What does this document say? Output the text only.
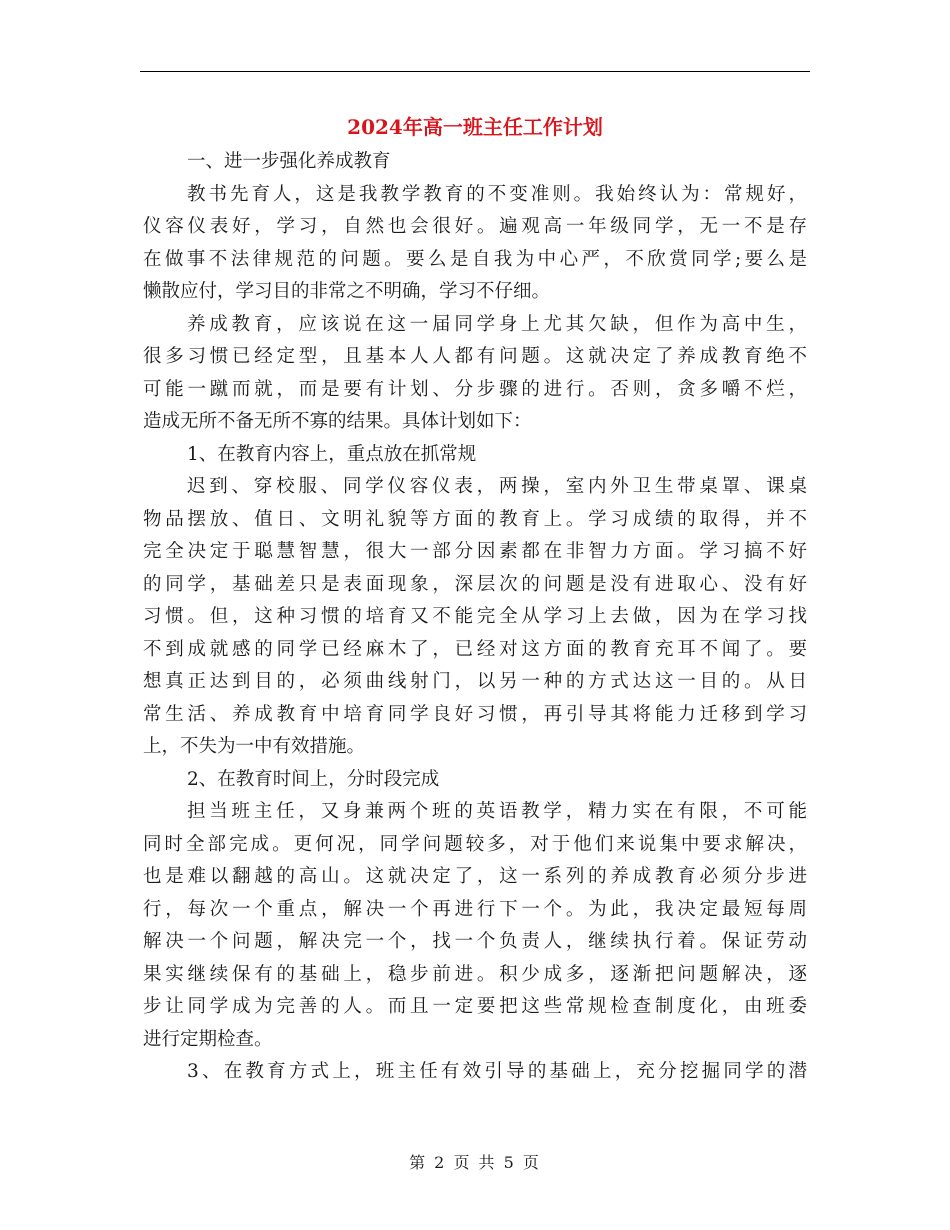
2024年高一班主任工作计划
一、进一步强化养成教育
教书先育人，这是我教学教育的不变准则。我始终认为：常规好，
仪容仪表好，学习，自然也会很好。遍观高一年级同学，无一不是存
在做事不法律规范的问题。要么是自我为中心严，不欣赏同学;要么是
懒散应付，学习目的非常之不明确，学习不仔细。
养成教育，应该说在这一届同学身上尤其欠缺，但作为高中生，
很多习惯已经定型，且基本人人都有问题。这就决定了养成教育绝不
可能一蹴而就，而是要有计划、分步骤的进行。否则，贪多嚼不烂，
造成无所不备无所不寡的结果。具体计划如下：
1、在教育内容上，重点放在抓常规
迟到、穿校服、同学仪容仪表，两操，室内外卫生带桌罩、课桌
物品摆放、值日、文明礼貌等方面的教育上。学习成绩的取得，并不
完全决定于聪慧智慧，很大一部分因素都在非智力方面。学习搞不好
的同学，基础差只是表面现象，深层次的问题是没有进取心、没有好
习惯。但，这种习惯的培育又不能完全从学习上去做，因为在学习找
不到成就感的同学已经麻木了，已经对这方面的教育充耳不闻了。要
想真正达到目的，必须曲线射门，以另一种的方式达这一目的。从日
常生活、养成教育中培育同学良好习惯，再引导其将能力迁移到学习
上，不失为一中有效措施。
2、在教育时间上，分时段完成
担当班主任，又身兼两个班的英语教学，精力实在有限，不可能
同时全部完成。更何况，同学问题较多，对于他们来说集中要求解决，
也是难以翻越的高山。这就决定了，这一系列的养成教育必须分步进
行，每次一个重点，解决一个再进行下一个。为此，我决定最短每周
解决一个问题，解决完一个，找一个负责人，继续执行着。保证劳动
果实继续保有的基础上，稳步前进。积少成多，逐渐把问题解决，逐
步让同学成为完善的人。而且一定要把这些常规检查制度化，由班委
进行定期检查。
3、在教育方式上，班主任有效引导的基础上，充分挖掘同学的潜
第 2 页 共 5 页
